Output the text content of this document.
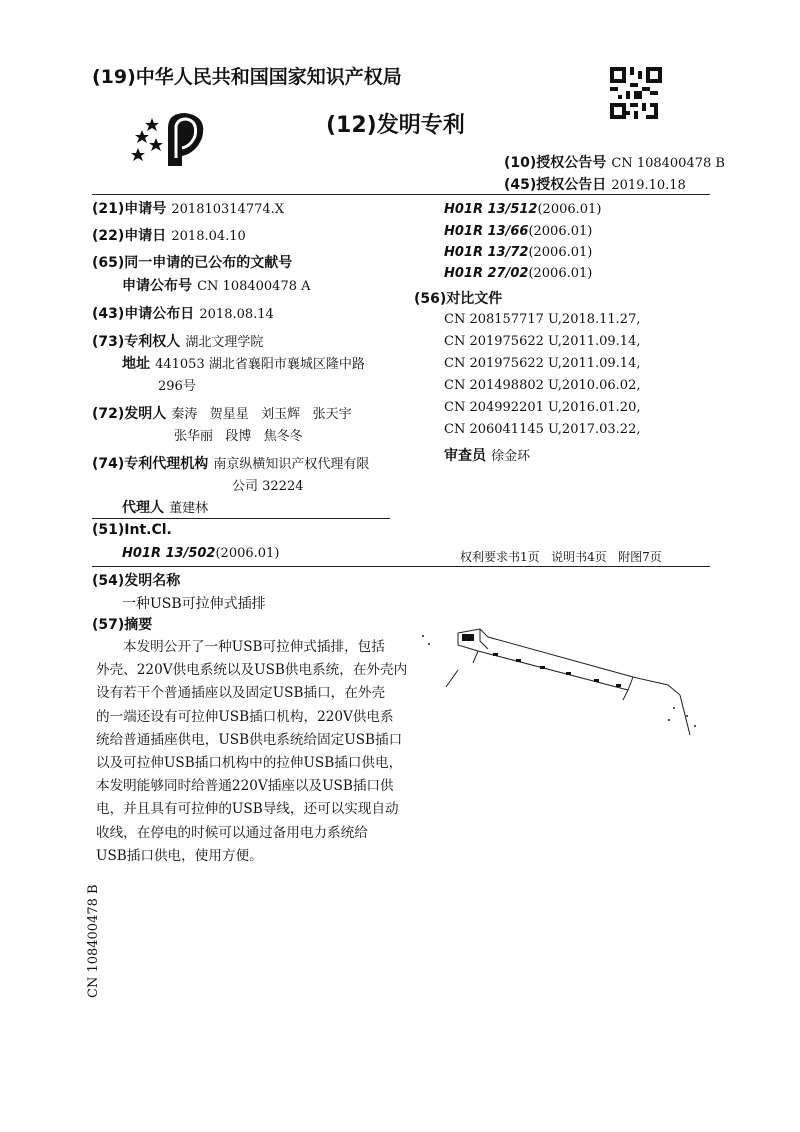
(19)中华人民共和国国家知识产权局
(12)发明专利
(10)授权公告号 CN 108400478 B
(45)授权公告日 2019.10.18
(21)申请号 201810314774.X
(22)申请日 2018.04.10
(65)同一申请的已公布的文献号
申请公布号 CN 108400478 A
(43)申请公布日 2018.08.14
(73)专利权人 湖北文理学院
地址 441053 湖北省襄阳市襄城区隆中路
296号
(72)发明人 秦涛   贺星星   刘玉辉   张天宇
张华丽   段博   焦冬冬
(74)专利代理机构 南京纵横知识产权代理有限
公司 32224
代理人 董建林
(51)Int.Cl.
H01R 13/502(2006.01)
H01R 13/512(2006.01)
H01R 13/66(2006.01)
H01R 13/72(2006.01)
H01R 27/02(2006.01)
(56)对比文件
CN 208157717 U,2018.11.27,
CN 201975622 U,2011.09.14,
CN 201975622 U,2011.09.14,
CN 201498802 U,2010.06.02,
CN 204992201 U,2016.01.20,
CN 206041145 U,2017.03.22,
审查员 徐金环
权利要求书1页   说明书4页   附图7页
(54)发明名称
一种USB可拉伸式插排
(57)摘要
本发明公开了一种USB可拉伸式插排，包括
外壳、220V供电系统以及USB供电系统，在外壳内
设有若干个普通插座以及固定USB插口，在外壳
的一端还设有可拉伸USB插口机构，220V供电系
统给普通插座供电，USB供电系统给固定USB插口
以及可拉伸USB插口机构中的拉伸USB插口供电，
本发明能够同时给普通220V插座以及USB插口供
电，并且具有可拉伸的USB导线，还可以实现自动
收线，在停电的时候可以通过备用电力系统给
USB插口供电，使用方便。
CN 108400478 B
